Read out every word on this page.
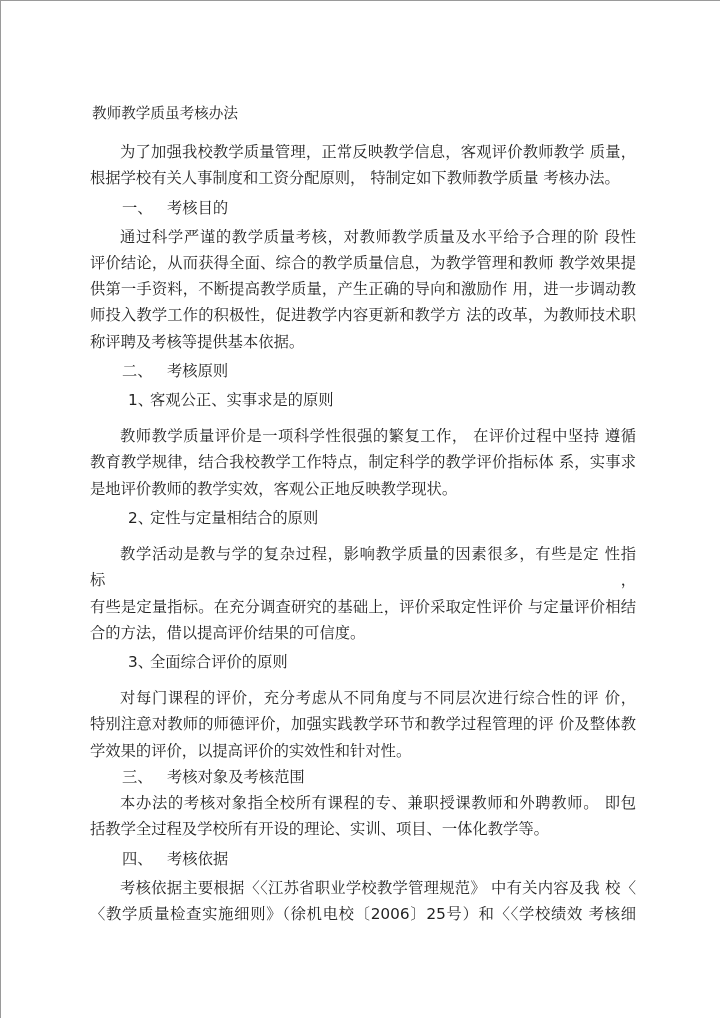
教师教学质虽考核办法

为了加强我校教学质量管理，正常反映教学信息，客观评价教师教学 质量，

根据学校有关人事制度和工资分配原则， 特制定如下教师教学质量 考核办法。

一、 考核目的

通过科学严谨的教学质量考核，对教师教学质量及水平给予合理的阶 段性

评价结论，从而获得全面、综合的教学质量信息，为教学管理和教师 教学效果提

供第一手资料，不断提高教学质量，产生正确的导向和激励作 用，进一步调动教

师投入教学工作的积极性，促进教学内容更新和教学方 法的改革，为教师技术职

称评聘及考核等提供基本依据。

二、 考核原则
1、客观公正、实事求是的原则

教师教学质量评价是一项科学性很强的繁复工作， 在评价过程中坚持 遵循

教育教学规律，结合我校教学工作特点，制定科学的教学评价指标体 系，实事求

是地评价教师的教学实效，客观公正地反映教学现状。

2、定性与定量相结合的原则

教学活动是教与学的复杂过程，影响教学质量的因素很多，有些是定 性指标，

有些是定量指标。在充分调查研究的基础上，评价采取定性评价 与定量评价相结

合的方法，借以提高评价结果的可信度。

3、全面综合评价的原则

对每门课程的评价，充分考虑从不同角度与不同层次进行综合性的评 价，

特别注意对教师的师德评价，加强实践教学环节和教学过程管理的评 价及整体教

学效果的评价，以提高评价的实效性和针对性。

三、 考核对象及考核范围

本办法的考核对象指全校所有课程的专、兼职授课教师和外聘教师。 即包

括教学全过程及学校所有开设的理论、实训、项目、一体化教学等。

四、 考核依据

考核依据主要根据〈〈江苏省职业学校教学管理规范》 中有关内容及我 校〈

〈教学质量检查实施细则》（徐机电校〔2006〕25号）和〈〈学校绩效 考核细
